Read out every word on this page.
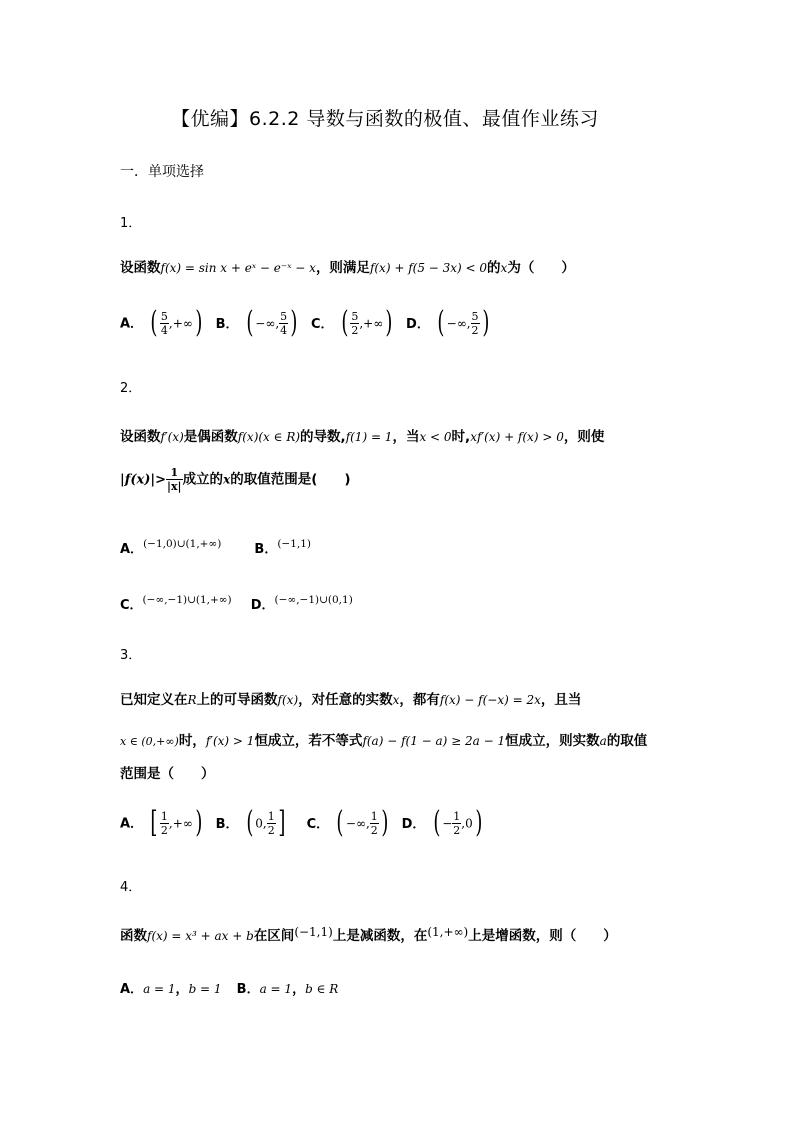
【优编】6.2.2 导数与函数的极值、最值作业练习
一．单项选择
1．
设函数f(x) = sin x + eˣ − e⁻ˣ − x，则满足f(x) + f(5 − 3x) < 0的x为（　　）
A． ( $\frac{5}{4}$ ,+∞) B． ( −∞, $\frac{5}{4}$ ) C． ( $\frac{5}{2}$ ,+∞) D． ( −∞, $\frac{5}{2}$ )
2．
设函数f′(x)是偶函数f(x)(x ∈ R)的导数,f(1) = 1，当x < 0时,xf′(x) + f(x) > 0，则使
$|f(x)|> \frac{1}{|x|}$ 成立的x的取值范围是(　　)
A．$^{(-1,0)\cup(1,+\infty)}$	B．$^{(-1,1)}$
C．$^{(-\infty,-1)\cup(1,+\infty)}$ D．$^{(-\infty,-1)\cup(0,1)}$
3．
已知定义在R上的可导函数f(x)，对任意的实数x，都有f(x) − f(−x) = 2x，且当
x ∈ (0,+∞)时，f′(x) > 1恒成立，若不等式f(a) − f(1 − a) ≥ 2a − 1恒成立，则实数a的取值
范围是（　　）
A． [ $\frac{1}{2}$ ,+∞) B． ( 0, $\frac{1}{2}$ ] C． ( −∞, $\frac{1}{2}$ ) D． ( − $\frac{1}{2} ,0$)
4．
函数f(x) = x³ + ax + b在区间(−1,1)上是减函数，在(1,+∞)上是增函数，则（　　）
A．a = 1，b = 1 B．a = 1，b ∈ R
